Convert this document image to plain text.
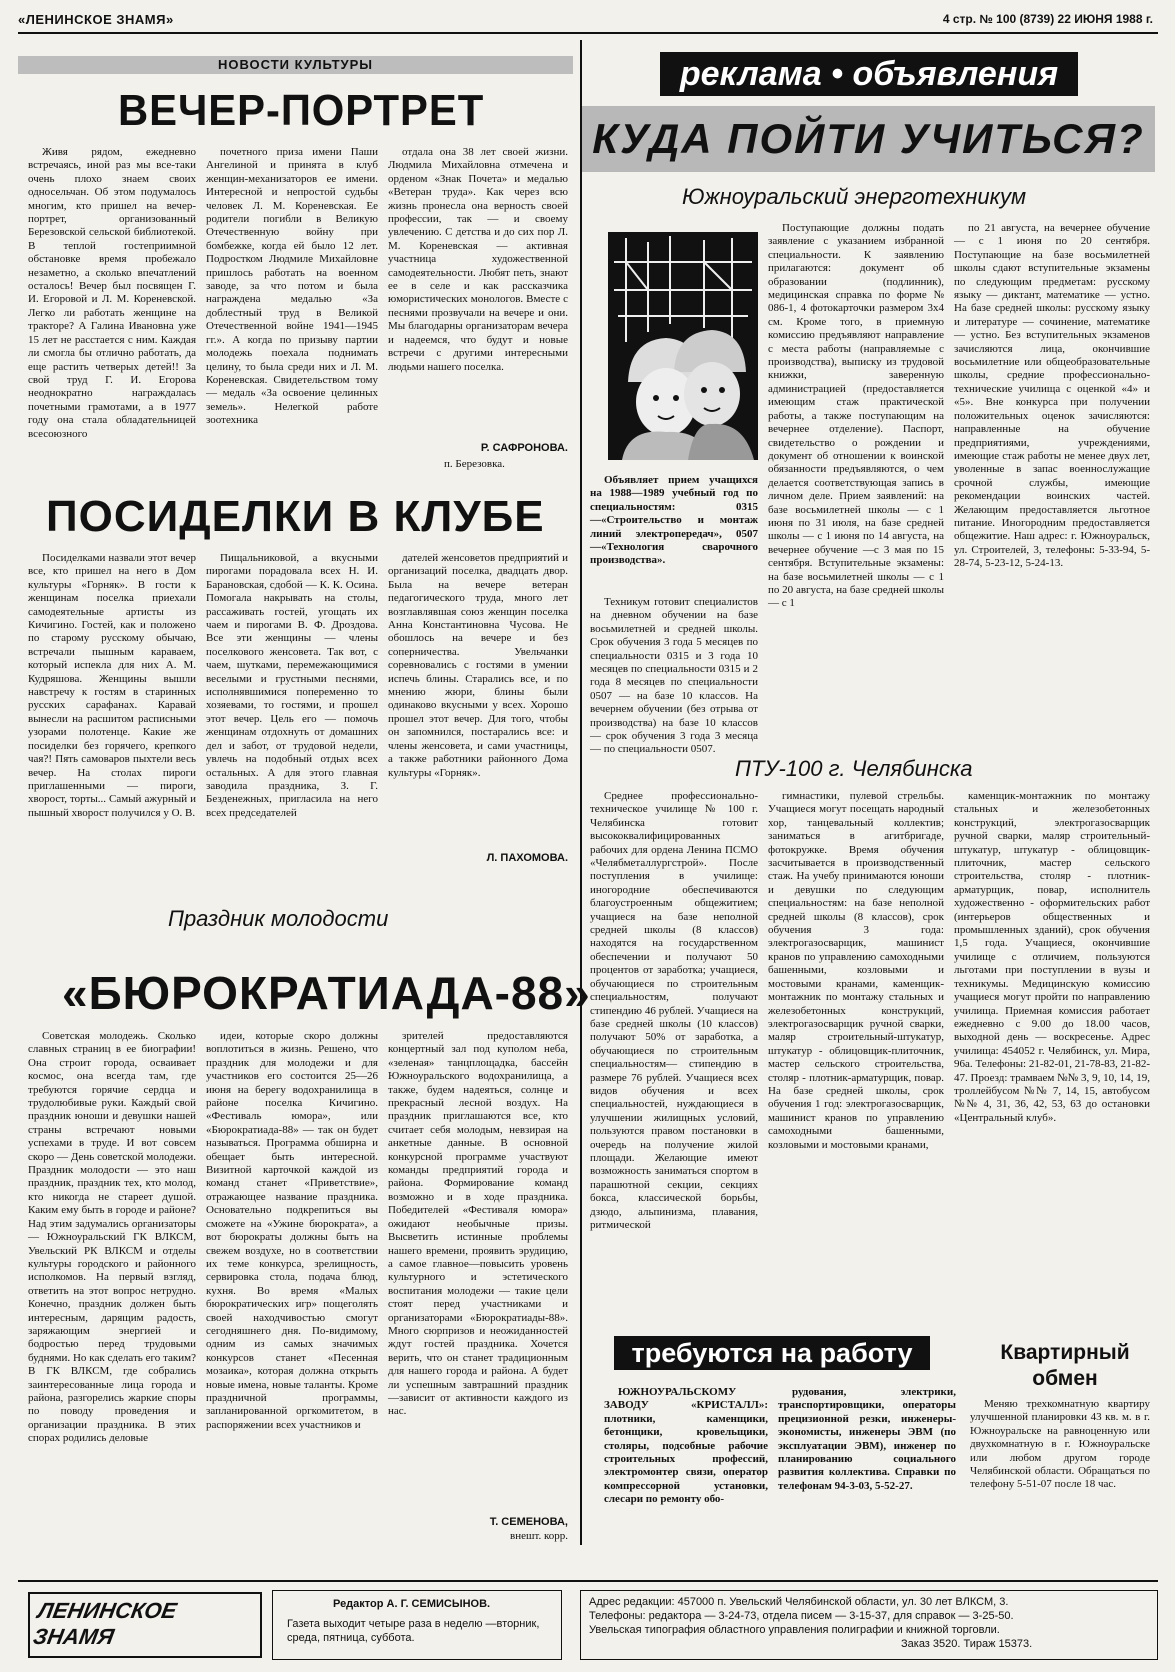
«ЛЕНИНСКОЕ ЗНАМЯ»	4 стр. № 100 (8739) 22 ИЮНЯ 1988 г.
НОВОСТИ КУЛЬТУРЫ
ВЕЧЕР-ПОРТРЕТ

Живя рядом, ежедневно встречаясь, иной раз мы все-таки очень плохо знаем своих односельчан. Об этом подумалось многим, кто пришел на вечер-портрет, организованный Березовской сельской библиотекой. В теплой гостеприимной обстановке время пробежало незаметно, а сколько впечатлений осталось! Вечер был посвящен Г. И. Егоровой и Л. М. Кореневской. Легко ли работать женщине на тракторе? А Галина Ивановна уже 15 лет не расстается с ним. Каждая ли смогла бы отлично работать, да еще растить четверых детей!! За свой труд Г. И. Егорова неоднократно награждалась почетными грамотами, а в 1977 году она стала обладательницей всесоюзного

почетного приза имени Паши Ангелиной и принята в клуб женщин-механизаторов ее имени. Интересной и непростой судьбы человек Л. М. Кореневская. Ее родители погибли в Великую Отечественную войну при бомбежке, когда ей было 12 лет. Подростком Людмиле Михайловне пришлось работать на военном заводе, за что потом и была награждена медалью «За доблестный труд в Великой Отечественной войне 1941—1945 гг.». А когда по призыву партии молодежь поехала поднимать целину, то была среди них и Л. М. Кореневская. Свидетельством тому — медаль «За освоение целинных земель». Нелегкой работе зоотехника

отдала она 38 лет своей жизни. Людмила Михайловна отмечена и орденом «Знак Почета» и медалью «Ветеран труда». Как через всю жизнь пронесла она верность своей профессии, так — и своему увлечению. С детства и до сих пор Л. М. Кореневская — активная участница художественной самодеятельности. Любят петь, знают ее в селе и как рассказчика юмористических монологов. Вместе с песнями прозвучали на вечере и они. Мы благодарны организаторам вечера и надеемся, что будут и новые встречи с другими интересными людьми нашего поселка.

Р. САФРОНОВА.
п. Березовка.
ПОСИДЕЛКИ В КЛУБЕ

Посиделками назвали этот вечер все, кто пришел на него в Дом культуры «Горняк». В гости к женщинам поселка приехали самодеятельные артисты из Кичигино. Гостей, как и положено по старому русскому обычаю, встречали пышным караваем, который испекла для них А. М. Кудряшова. Женщины вышли навстречу к гостям в старинных русских сарафанах. Каравай вынесли на расшитом расписными узорами полотенце. Какие же посиделки без горячего, крепкого чая?! Пять самоваров пыхтели весь вечер. На столах пироги приглашенными — пироги, хворост, торты... Самый ажурный и пышный хворост получился у О. В.

Пищальниковой, а вкусными пирогами порадовала всех Н. И. Барановская, сдобой — К. К. Осина. Помогала накрывать на столы, рассаживать гостей, угощать их чаем и пирогами В. Ф. Дроздова. Все эти женщины — члены поселкового женсовета. Так вот, с чаем, шутками, перемежающимися веселыми и грустными песнями, исполнявшимися попеременно то хозяевами, то гостями, и прошел этот вечер. Цель его — помочь женщинам отдохнуть от домашних дел и забот, от трудовой недели, увлечь на подобный отдых всех остальных. А для этого главная заводила праздника, З. Г. Безденежных, пригласила на него всех председателей

дателей женсоветов предприятий и организаций поселка, двадцать двор. Была на вечере ветеран педагогического труда, много лет возглавлявшая союз женщин поселка Анна Константиновна Чусова. Не обошлось на вечере и без соперничества. Увельчанки соревновались с гостями в умении испечь блины. Старались все, и по мнению жюри, блины были одинаково вкусными у всех. Хорошо прошел этот вечер. Для того, чтобы он запомнился, постарались все: и члены женсовета, и сами участницы, а также работники районного Дома культуры «Горняк».

Л. ПАХОМОВА.
Праздник молодости
«БЮРОКРАТИАДА-88»

Советская молодежь. Сколько славных страниц в ее биографии! Она строит города, осваивает космос, она всегда там, где требуются горячие сердца и трудолюбивые руки. Каждый свой праздник юноши и девушки нашей страны встречают новыми успехами в труде. И вот совсем скоро — День советской молодежи. Праздник молодости — это наш праздник, праздник тех, кто молод, кто никогда не стареет душой. Каким ему быть в городе и районе? Над этим задумались организаторы — Южноуральский ГК ВЛКСМ, Увельский РК ВЛКСМ и отделы культуры городского и районного исполкомов. На первый взгляд, ответить на этот вопрос нетрудно. Конечно, праздник должен быть интересным, дарящим радость, заряжающим энергией и бодростью перед трудовыми буднями. Но как сделать его таким? В ГК ВЛКСМ, где собрались заинтересованные лица города и района, разгорелись жаркие споры по поводу проведения и организации праздника. В этих спорах родились деловые

идеи, которые скоро должны воплотиться в жизнь. Решено, что праздник для молодежи и для участников его состоится 25—26 июня на берегу водохранилища в районе поселка Кичигино. «Фестиваль юмора», или «Бюрократиада-88» — так он будет называться. Программа обширна и обещает быть интересной. Визитной карточкой каждой из команд станет «Приветствие», отражающее название праздника. Основательно подкрепиться вы сможете на «Ужине бюрократа», а вот бюрократы должны быть на свежем воздухе, но в соответствии их теме конкурса, зрелищность, сервировка стола, подача блюд, кухня. Во время «Малых бюрократических игр» пощеголять своей находчивостью смогут сегодняшнего дня. По-видимому, одним из самых значимых конкурсов станет «Песенная мозаика», которая должна открыть новые имена, новые таланты. Кроме праздничной программы, запланированной оргкомитетом, в распоряжении всех участников и

зрителей предоставляются концертный зал под куполом неба, «зеленая» танцплощадка, бассейн Южноуральского водохранилища, а также, будем надеяться, солнце и прекрасный лесной воздух. На праздник приглашаются все, кто считает себя молодым, невзирая на анкетные данные. В основной конкурсной программе участвуют команды предприятий города и района. Формирование команд возможно и в ходе праздника. Победителей «Фестиваля юмора» ожидают необычные призы. Высветить истинные проблемы нашего времени, проявить эрудицию, а самое главное—повысить уровень культурного и эстетического воспитания молодежи — такие цели стоят перед участниками и организаторами «Бюрократиады-88». Много сюрпризов и неожиданностей ждут гостей праздника. Хочется верить, что он станет традиционным для нашего города и района. А будет ли успешным завтрашний праздник —зависит от активности каждого из нас.

Т. СЕМЕНОВА,
внешт. корр.
реклама • объявления
КУДА ПОЙТИ УЧИТЬСЯ?
Южноуральский энерготехникум

Объявляет прием учащихся на 1988—1989 учебный год по специальностям: 0315—«Строительство и монтаж линий электропередач», 0507—«Технология сварочного производства».

Техникум готовит специалистов на дневном обучении на базе восьмилетней и средней школы. Срок обучения 3 года 5 месяцев по специальности 0315 и 3 года 10 месяцев по специальности 0315 и 2 года 8 месяцев по специальности 0507 — на базе 10 классов. На вечернем обучении (без отрыва от производства) на базе 10 классов — срок обучения 3 года 3 месяца — по специальности 0507.

Поступающие должны подать заявление с указанием избранной специальности. К заявлению прилагаются: документ об образовании (подлинник), медицинская справка по форме № 086-1, 4 фотокарточки размером 3х4 см. Кроме того, в приемную комиссию предъявляют направление с места работы (направляемые с производства), выписку из трудовой книжки, заверенную администрацией (предоставляется имеющим стаж практической работы, а также поступающим на вечернее отделение). Паспорт, свидетельство о рождении и документ об отношении к воинской обязанности предъявляются, о чем делается соответствующая запись в личном деле. Прием заявлений: на базе восьмилетней школы — с 1 июня по 31 июля, на базе средней школы — с 1 июня по 14 августа, на вечернее обучение —с 3 мая по 15 сентября. Вступительные экзамены: на базе восьмилетней школы — с 1 по 20 августа, на базе средней школы — с 1

по 21 августа, на вечернее обучение — с 1 июня по 20 сентября. Поступающие на базе восьмилетней школы сдают вступительные экзамены по следующим предметам: русскому языку — диктант, математике — устно. На базе средней школы: русскому языку и литературе — сочинение, математике — устно. Без вступительных экзаменов зачисляются лица, окончившие восьмилетние или общеобразовательные школы, средние профессионально-технические училища с оценкой «4» и «5». Вне конкурса при получении положительных оценок зачисляются: направленные на обучение предприятиями, учреждениями, имеющие стаж работы не менее двух лет, уволенные в запас военнослужащие срочной службы, имеющие рекомендации воинских частей. Желающим предоставляется льготное питание. Иногородним предоставляется общежитие. Наш адрес: г. Южноуральск, ул. Строителей, 3, телефоны: 5-33-94, 5-28-74, 5-23-12, 5-24-13.

ПТУ-100 г. Челябинска

Среднее профессионально-техническое училище № 100 г. Челябинска готовит высококвалифицированных рабочих для ордена Ленина ПСМО «Челябметаллургстрой». После поступления в училище: иногородние обеспечиваются благоустроенным общежитием; учащиеся на базе неполной средней школы (8 классов) находятся на государственном обеспечении и получают 50 процентов от заработка; учащиеся, обучающиеся по строительным специальностям, получают стипендию 46 рублей. Учащиеся на базе средней школы (10 классов) получают 50% от заработка, а обучающиеся по строительным специальностям— стипендию в размере 76 рублей. Учащиеся всех видов обучения и всех специальностей, нуждающиеся в улучшении жилищных условий, пользуются правом постановки в очередь на получение жилой площади. Желающие имеют возможность заниматься спортом в парашютной секции, секциях бокса, классической борьбы, дзюдо, альпинизма, плавания, ритмической

гимнастики, пулевой стрельбы. Учащиеся могут посещать народный хор, танцевальный коллектив; заниматься в агитбригаде, фотокружке. Время обучения засчитывается в производственный стаж. На учебу принимаются юноши и девушки по следующим специальностям: на базе неполной средней школы (8 классов), срок обучения 3 года: электрогазосварщик, машинист кранов по управлению самоходными башенными, козловыми и мостовыми кранами, каменщик-монтажник по монтажу стальных и железобетонных конструкций, электрогазосварщик ручной сварки, маляр строительный-штукатур, штукатур - облицовщик-плиточник, мастер сельского строительства, столяр - плотник-арматурщик, повар. На базе средней школы, срок обучения 1 год: электрогазосварщик, машинист кранов по управлению самоходными башенными, козловыми и мостовыми кранами,

каменщик-монтажник по монтажу стальных и железобетонных конструкций, электрогазосварщик ручной сварки, маляр строительный-штукатур, штукатур - облицовщик-плиточник, мастер сельского строительства, столяр - плотник-арматурщик, повар, исполнитель художественно - оформительских работ (интерьеров общественных и промышленных зданий), срок обучения 1,5 года. Учащиеся, окончившие училище с отличием, пользуются льготами при поступлении в вузы и техникумы. Медицинскую комиссию учащиеся могут пройти по направлению училища. Приемная комиссия работает ежедневно с 9.00 до 18.00 часов, выходной день — воскресенье. Адрес училища: 454052 г. Челябинск, ул. Мира, 96а. Телефоны: 21-82-01, 21-78-83, 21-82-47. Проезд: трамваем №№ 3, 9, 10, 14, 19, троллейбусом №№ 7, 14, 15, автобусом №№ 4, 31, 36, 42, 53, 63 до остановки «Центральный клуб».

требуются на работу

ЮЖНОУРАЛЬСКОМУ ЗАВОДУ «КРИСТАЛЛ»: плотники, каменщики, бетонщики, кровельщики, столяры, подсобные рабочие строительных профессий, электромонтер связи, оператор компрессорной установки, слесари по ремонту обо-

рудования, электрики, транспортировщики, операторы прецизионной резки, инженеры-экономисты, инженеры ЭВМ (по эксплуатации ЭВМ), инженер по планированию социального развития коллектива. Справки по телефонам 94-3-03, 5-52-27.

Квартирный обмен

Меняю трехкомнатную квартиру улучшенной планировки 43 кв. м. в г. Южноуральске на равноценную или двухкомнатную в г. Южноуральске или любом другом городе Челябинской области. Обращаться по телефону 5-51-07 после 18 час.

ЛЕНИНСКОЕ ЗНАМЯ
Редактор А. Г. СЕМИСЫНОВ.
Газета выходит четыре раза в неделю —вторник, среда, пятница, суббота.
Адрес редакции: 457000 п. Увельский Челябинской области, ул. 30 лет ВЛКСМ, 3.
Телефоны: редактора — 3-24-73, отдела писем — 3-15-37, для справок — 3-25-50.
Увельская типография областного управления полиграфии и книжной торговли.
Заказ 3520. Тираж 15373.
